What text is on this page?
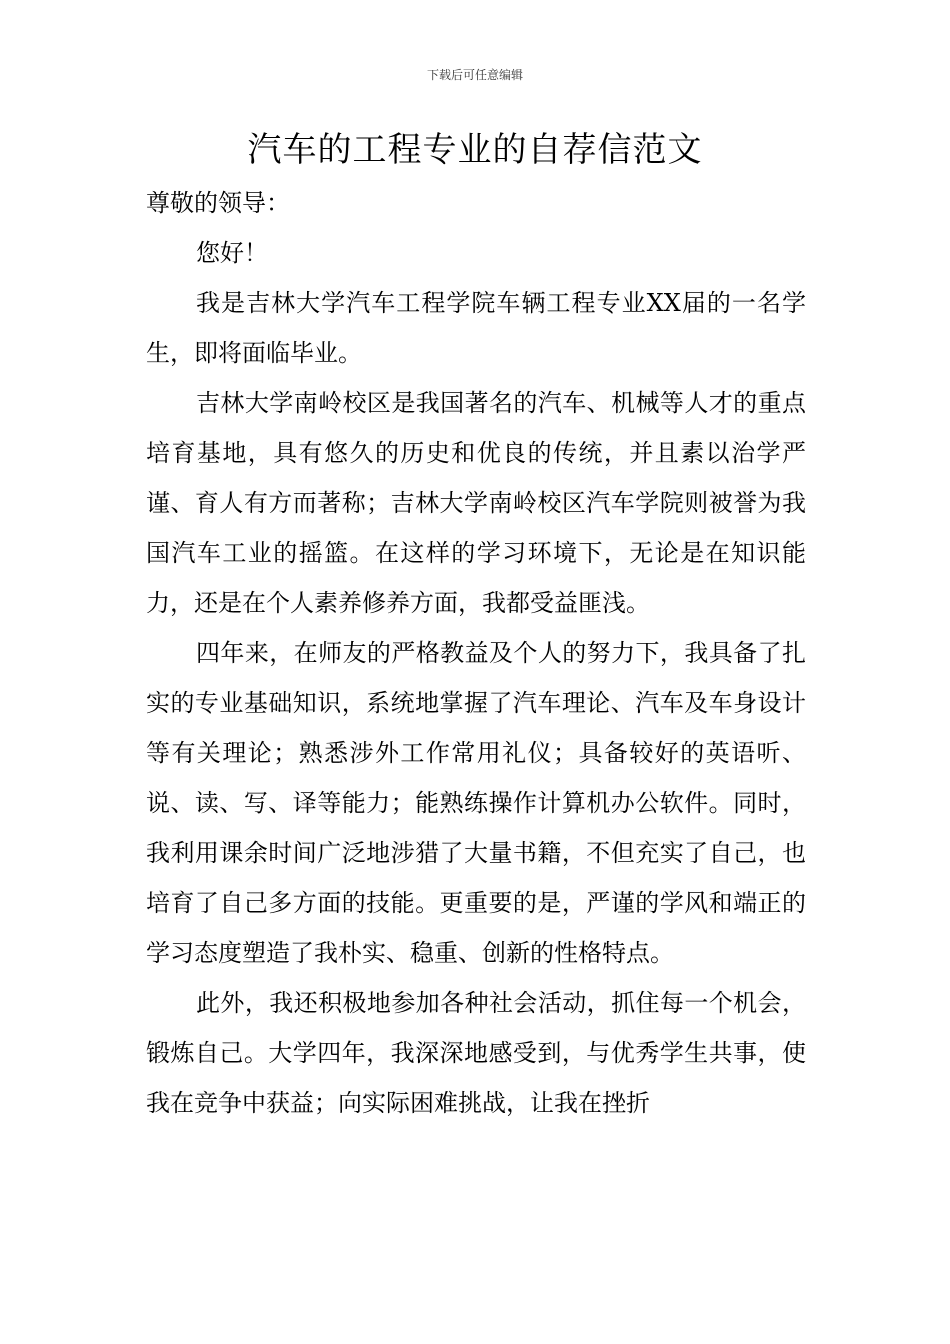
下载后可任意编辑
汽车的工程专业的自荐信范文

尊敬的领导：

您好！

我是吉林大学汽车工程学院车辆工程专业XX届的一名学生，即将面临毕业。

吉林大学南岭校区是我国著名的汽车、机械等人才的重点培育基地，具有悠久的历史和优良的传统，并且素以治学严谨、育人有方而著称；吉林大学南岭校区汽车学院则被誉为我国汽车工业的摇篮。在这样的学习环境下，无论是在知识能力，还是在个人素养修养方面，我都受益匪浅。

四年来，在师友的严格教益及个人的努力下，我具备了扎实的专业基础知识，系统地掌握了汽车理论、汽车及车身设计等有关理论；熟悉涉外工作常用礼仪；具备较好的英语听、说、读、写、译等能力；能熟练操作计算机办公软件。同时，我利用课余时间广泛地涉猎了大量书籍，不但充实了自己，也培育了自己多方面的技能。更重要的是，严谨的学风和端正的学习态度塑造了我朴实、稳重、创新的性格特点。

此外，我还积极地参加各种社会活动，抓住每一个机会，锻炼自己。大学四年，我深深地感受到，与优秀学生共事，使我在竞争中获益；向实际困难挑战，让我在挫折
